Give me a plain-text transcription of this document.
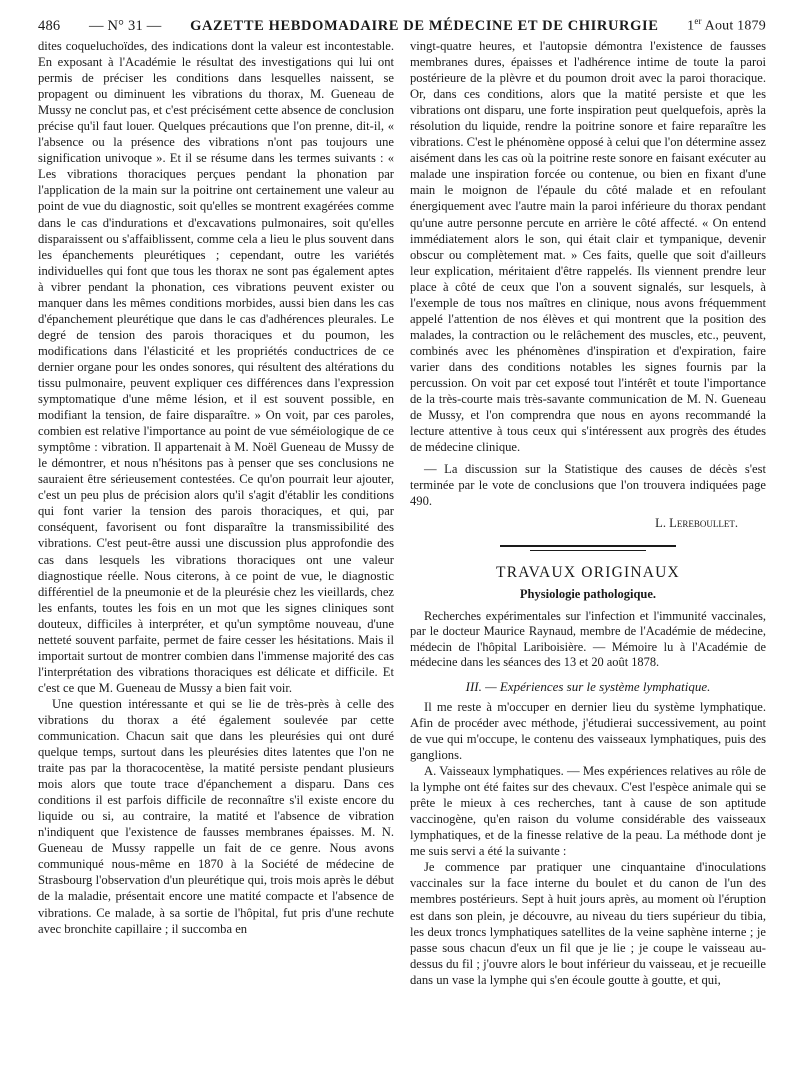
486 — N° 31 — GAZETTE HEBDOMADAIRE DE MÉDECINE ET DE CHIRURGIE 1er Aout 1879

dites coqueluchoïdes, des indications dont la valeur est incontestable. En exposant à l'Académie le résultat des investigations qui lui ont permis de préciser les conditions dans lesquelles naissent, se propagent ou diminuent les vibrations du thorax, M. Gueneau de Mussy ne conclut pas, et c'est précisément cette absence de conclusion précise qu'il faut louer. Quelques précautions que l'on prenne, dit-il, « l'absence ou la présence des vibrations n'ont pas toujours une signification univoque ». Et il se résume dans les termes suivants : « Les vibrations thoraciques perçues pendant la phonation par l'application de la main sur la poitrine ont certainement une valeur au point de vue du diagnostic, soit qu'elles se montrent exagérées comme dans le cas d'indurations et d'excavations pulmonaires, soit qu'elles disparaissent ou s'affaiblissent, comme cela a lieu le plus souvent dans les épanchements pleurétiques ; cependant, outre les variétés individuelles qui font que tous les thorax ne sont pas également aptes à vibrer pendant la phonation, ces vibrations peuvent exister ou manquer dans les mêmes conditions morbides, aussi bien dans les cas d'épanchement pleurétique que dans le cas d'adhérences pleurales. Le degré de tension des parois thoraciques et du poumon, les modifications dans l'élasticité et les propriétés conductrices de ce dernier organe pour les ondes sonores, qui résultent des altérations du tissu pulmonaire, peuvent expliquer ces différences dans l'expression symptomatique d'une même lésion, et il est souvent possible, en modifiant la tension, de faire disparaître. » On voit, par ces paroles, combien est relative l'importance au point de vue séméiologique de ce symptôme : vibration. Il appartenait à M. Noël Gueneau de Mussy de le démontrer, et nous n'hésitons pas à penser que ses conclusions ne sauraient être sérieusement contestées. Ce qu'on pourrait leur ajouter, c'est un peu plus de précision alors qu'il s'agit d'établir les conditions qui font varier la tension des parois thoraciques, et qui, par conséquent, favorisent ou font disparaître la transmissibilité des vibrations. C'est peut-être aussi une discussion plus approfondie des cas dans lesquels les vibrations thoraciques ont une valeur diagnostique réelle. Nous citerons, à ce point de vue, le diagnostic différentiel de la pneumonie et de la pleurésie chez les vieillards, chez les enfants, toutes les fois en un mot que les signes cliniques sont douteux, difficiles à interpréter, et qu'un symptôme nouveau, d'une netteté souvent parfaite, permet de faire cesser les hésitations. Mais il importait surtout de montrer combien dans l'immense majorité des cas l'interprétation des vibrations thoraciques est délicate et difficile. Et c'est ce que M. Gueneau de Mussy a bien fait voir.

Une question intéressante et qui se lie de très-près à celle des vibrations du thorax a été également soulevée par cette communication. Chacun sait que dans les pleurésies qui ont duré quelque temps, surtout dans les pleurésies dites latentes que l'on ne traite pas par la thoracocentèse, la matité persiste pendant plusieurs mois alors que toute trace d'épanchement a disparu. Dans ces conditions il est parfois difficile de reconnaître s'il existe encore du liquide ou si, au contraire, la matité et l'absence de vibration n'indiquent que l'existence de fausses membranes épaisses. M. N. Gueneau de Mussy rappelle un fait de ce genre. Nous avons communiqué nous-même en 1870 à la Société de médecine de Strasbourg l'observation d'un pleurétique qui, trois mois après le début de la maladie, présentait encore une matité compacte et l'absence de vibrations. Ce malade, à sa sortie de l'hôpital, fut pris d'une rechute avec bronchite capillaire ; il succomba en

vingt-quatre heures, et l'autopsie démontra l'existence de fausses membranes dures, épaisses et l'adhérence intime de toute la paroi postérieure de la plèvre et du poumon droit avec la paroi thoracique. Or, dans ces conditions, alors que la matité persiste et que les vibrations ont disparu, une forte inspiration peut quelquefois, après la résolution du liquide, rendre la poitrine sonore et faire reparaître les vibrations. C'est le phénomène opposé à celui que l'on détermine assez aisément dans les cas où la poitrine reste sonore en faisant exécuter au malade une inspiration forcée ou contenue, ou bien en fixant d'une main le moignon de l'épaule du côté malade et en refoulant énergiquement avec l'autre main la paroi inférieure du thorax pendant qu'une autre personne percute en arrière le côté affecté. « On entend immédiatement alors le son, qui était clair et tympanique, devenir obscur ou complètement mat. » Ces faits, quelle que soit d'ailleurs leur explication, méritaient d'être rappelés. Ils viennent prendre leur place à côté de ceux que l'on a souvent signalés, sur lesquels, à l'exemple de tous nos maîtres en clinique, nous avons fréquemment appelé l'attention de nos élèves et qui montrent que la position des malades, la contraction ou le relâchement des muscles, etc., peuvent, combinés avec les phénomènes d'inspiration et d'expiration, faire varier dans des conditions notables les signes fournis par la percussion. On voit par cet exposé tout l'intérêt et toute l'importance de la très-courte mais très-savante communication de M. N. Gueneau de Mussy, et l'on comprendra que nous en ayons recommandé la lecture attentive à tous ceux qui s'intéressent aux progrès des études de médecine clinique.

— La discussion sur la Statistique des causes de décès s'est terminée par le vote de conclusions que l'on trouvera indiquées page 490.

L. Lereboullet.

TRAVAUX ORIGINAUX
Physiologie pathologique.

Recherches expérimentales sur l'infection et l'immunité vaccinales, par le docteur Maurice Raynaud, membre de l'Académie de médecine, médecin de l'hôpital Lariboisière. — Mémoire lu à l'Académie de médecine dans les séances des 13 et 20 août 1878.

III. — Expériences sur le système lymphatique.

Il me reste à m'occuper en dernier lieu du système lymphatique. Afin de procéder avec méthode, j'étudierai successivement, au point de vue qui m'occupe, le contenu des vaisseaux lymphatiques, puis des ganglions.

A. Vaisseaux lymphatiques. — Mes expériences relatives au rôle de la lymphe ont été faites sur des chevaux. C'est l'espèce animale qui se prête le mieux à ces recherches, tant à cause de son aptitude vaccinogène, qu'en raison du volume considérable des vaisseaux lymphatiques, et de la finesse relative de la peau. La méthode dont je me suis servi a été la suivante :

Je commence par pratiquer une cinquantaine d'inoculations vaccinales sur la face interne du boulet et du canon de l'un des membres postérieurs. Sept à huit jours après, au moment où l'éruption est dans son plein, je découvre, au niveau du tiers supérieur du tibia, les deux troncs lymphatiques satellites de la veine saphène interne ; je passe sous chacun d'eux un fil que je lie ; je coupe le vaisseau au-dessus du fil ; j'ouvre alors le bout inférieur du vaisseau, et je recueille dans un vase la lymphe qui s'en écoule goutte à goutte, et qui,
